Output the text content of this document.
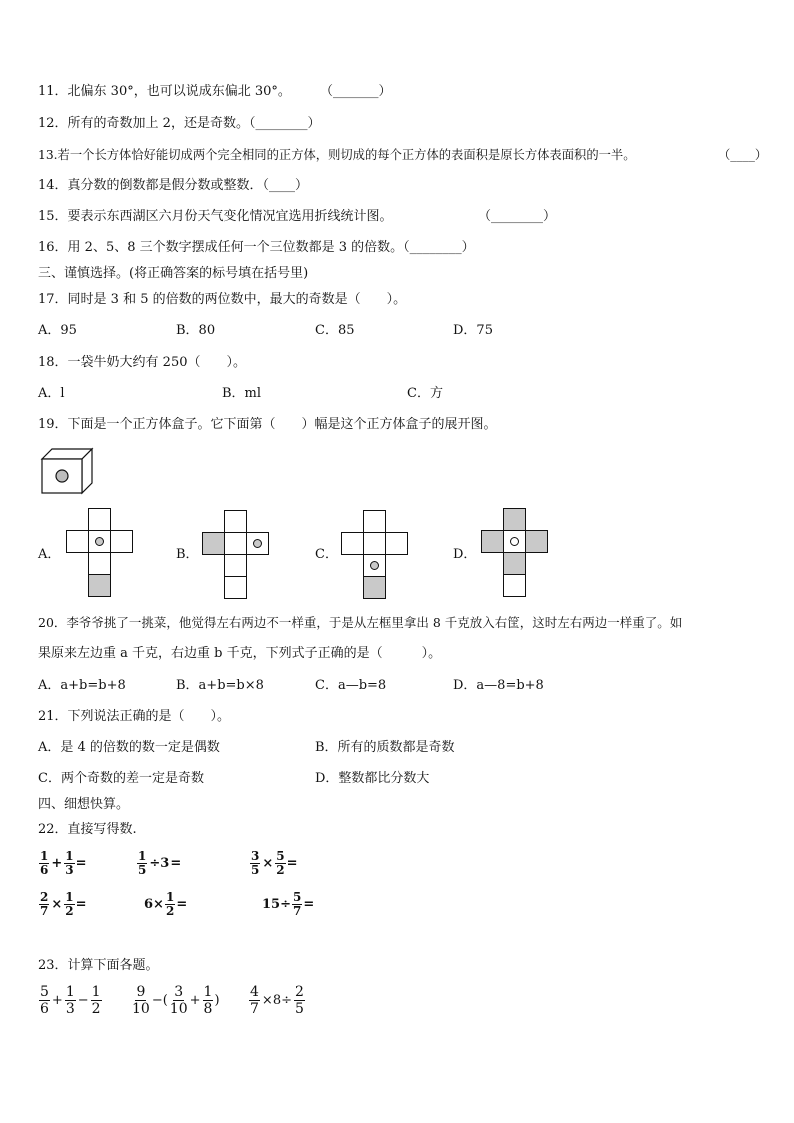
11．北偏东 30°，也可以说成东偏北 30°。 （_______）
12．所有的奇数加上 2，还是奇数。（________）
13.若一个长方体恰好能切成两个完全相同的正方体，则切成的每个正方体的表面积是原长方体表面积的一半。	（____）
14．真分数的倒数都是假分数或整数．（____）
15．要表示东西湖区六月份天气变化情况宜选用折线统计图。	（________）
16．用 2、5、8 三个数字摆成任何一个三位数都是 3 的倍数。（________）
三、谨慎选择。(将正确答案的标号填在括号里)
17．同时是 3 和 5 的倍数的两位数中，最大的奇数是（　　）。
A．95	B．80	C．85	D．75
18．一袋牛奶大约有 250（　　）。
A．l	B．ml	C．方
19．下面是一个正方体盒子。它下面第（　　）幅是这个正方体盒子的展开图。
A．	B．	C．	D．
20．李爷爷挑了一挑菜，他觉得左右两边不一样重，于是从左框里拿出 8 千克放入右筐，这时左右两边一样重了。如
果原来左边重 a 千克，右边重 b 千克，下列式子正确的是（　　　）。
A．a+b=b+8	B．a+b=b×8	C．a—b=8	D．a—8=b+8
21．下列说法正确的是（　　）。
A．是 4 的倍数的数一定是偶数	B．所有的质数都是奇数
C．两个奇数的差一定是奇数	D．整数都比分数大
四、细想快算。
22．直接写得数.
$\frac{1}{6} + \frac{1}{3}$ =	$\frac{1}{5} \div 3$ =	$\frac{3}{5} \times \frac{5}{2}$ =
$\frac{2}{7} \times \frac{1}{2}$ =	$6\times \frac{1}{2}$ =	$15\div \frac{5}{7}$ =
23．计算下面各题。
$\frac{5}{6} + \frac{1}{3} - \frac{1}{2} \frac{9}{10}$ −( $\frac{3}{10} + \frac{1}{8}$ ) $\frac{4}{7} \times 8\div \frac{2}{5}$
